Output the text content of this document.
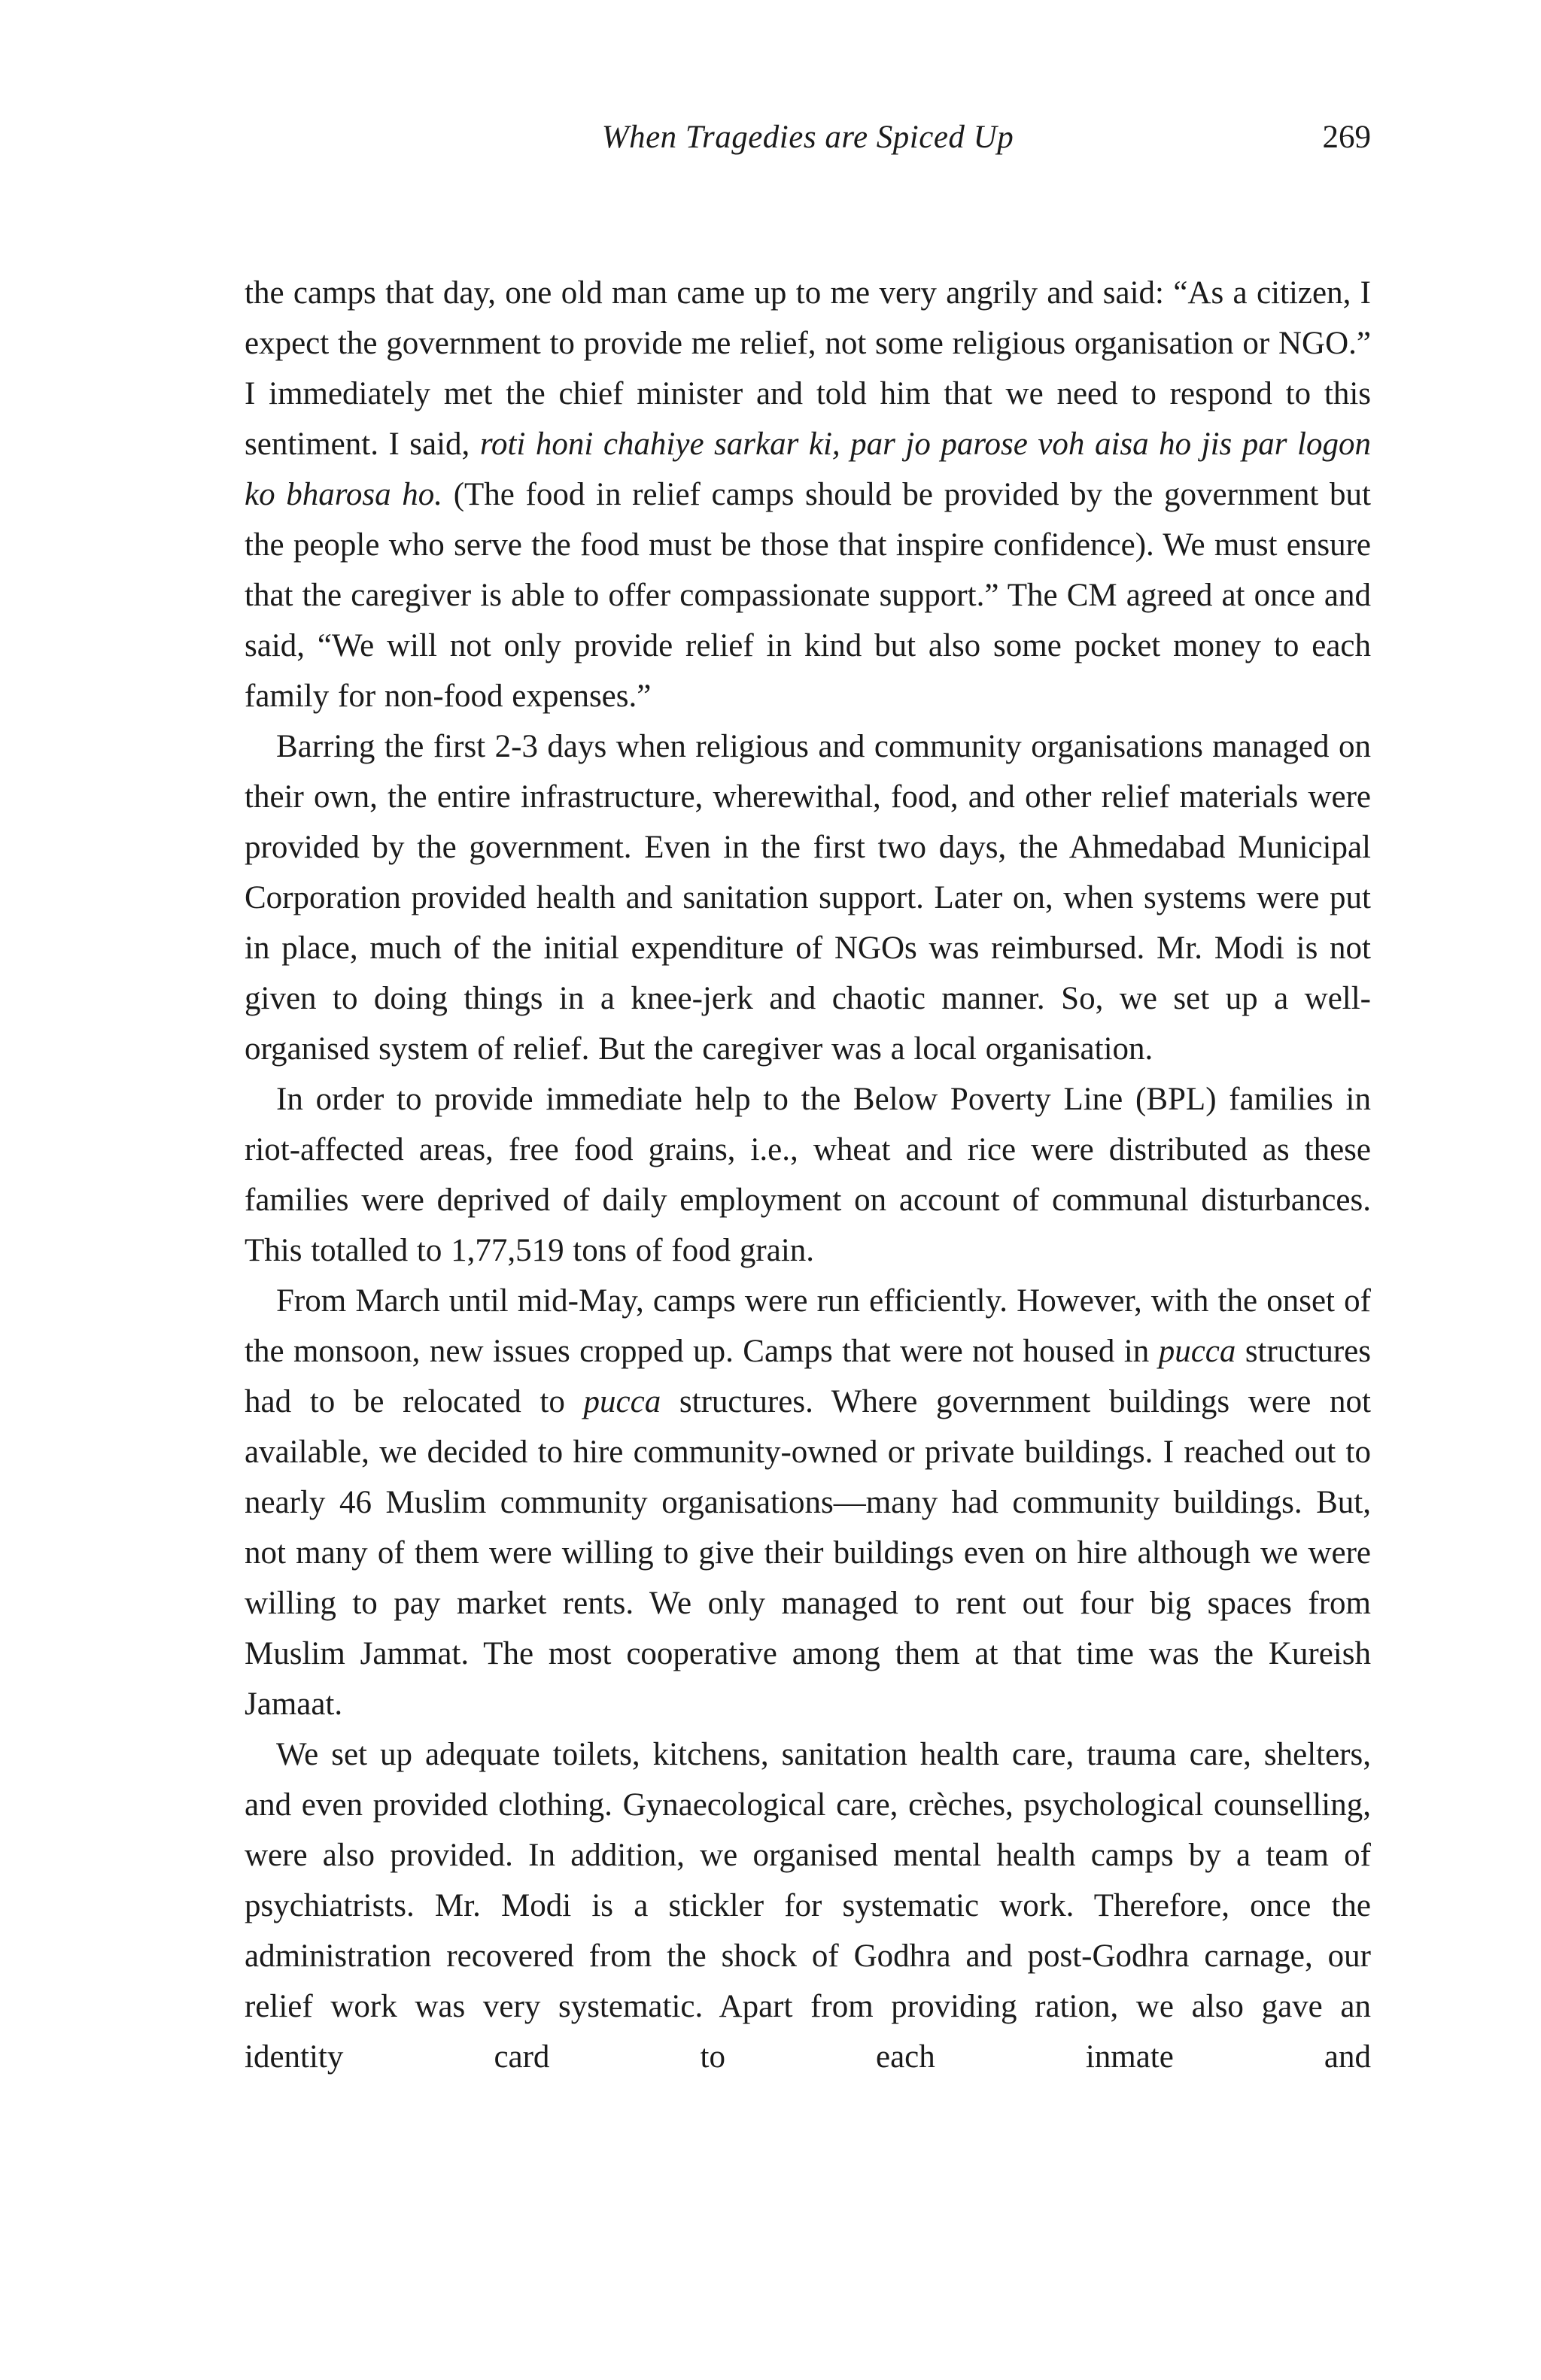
When Tragedies are Spiced Up	269

the camps that day, one old man came up to me very angrily and said: “As a citizen, I expect the government to provide me relief, not some religious organisation or NGO.” I immediately met the chief minister and told him that we need to respond to this sentiment. I said, roti honi chahiye sarkar ki, par jo parose voh aisa ho jis par logon ko bharosa ho. (The food in relief camps should be provided by the government but the people who serve the food must be those that inspire confidence). We must ensure that the caregiver is able to offer compassionate support.” The CM agreed at once and said, “We will not only provide relief in kind but also some pocket money to each family for non-food expenses.”

Barring the first 2-3 days when religious and community organisations managed on their own, the entire infrastructure, wherewithal, food, and other relief materials were provided by the government. Even in the first two days, the Ahmedabad Municipal Corporation provided health and sanitation support. Later on, when systems were put in place, much of the initial expenditure of NGOs was reimbursed. Mr. Modi is not given to doing things in a knee-jerk and chaotic manner. So, we set up a well-organised system of relief. But the caregiver was a local organisation.

In order to provide immediate help to the Below Poverty Line (BPL) families in riot-affected areas, free food grains, i.e., wheat and rice were distributed as these families were deprived of daily employment on account of communal disturbances. This totalled to 1,77,519 tons of food grain.

From March until mid-May, camps were run efficiently. However, with the onset of the monsoon, new issues cropped up. Camps that were not housed in pucca structures had to be relocated to pucca structures. Where government buildings were not available, we decided to hire community-owned or private buildings. I reached out to nearly 46 Muslim community organisations—many had community buildings. But, not many of them were willing to give their buildings even on hire although we were willing to pay market rents. We only managed to rent out four big spaces from Muslim Jammat. The most cooperative among them at that time was the Kureish Jamaat.

We set up adequate toilets, kitchens, sanitation health care, trauma care, shelters, and even provided clothing. Gynaecological care, crèches, psychological counselling, were also provided. In addition, we organised mental health camps by a team of psychiatrists. Mr. Modi is a stickler for systematic work. Therefore, once the administration recovered from the shock of Godhra and post-Godhra carnage, our relief work was very systematic. Apart from providing ration, we also gave an identity card to each inmate and
